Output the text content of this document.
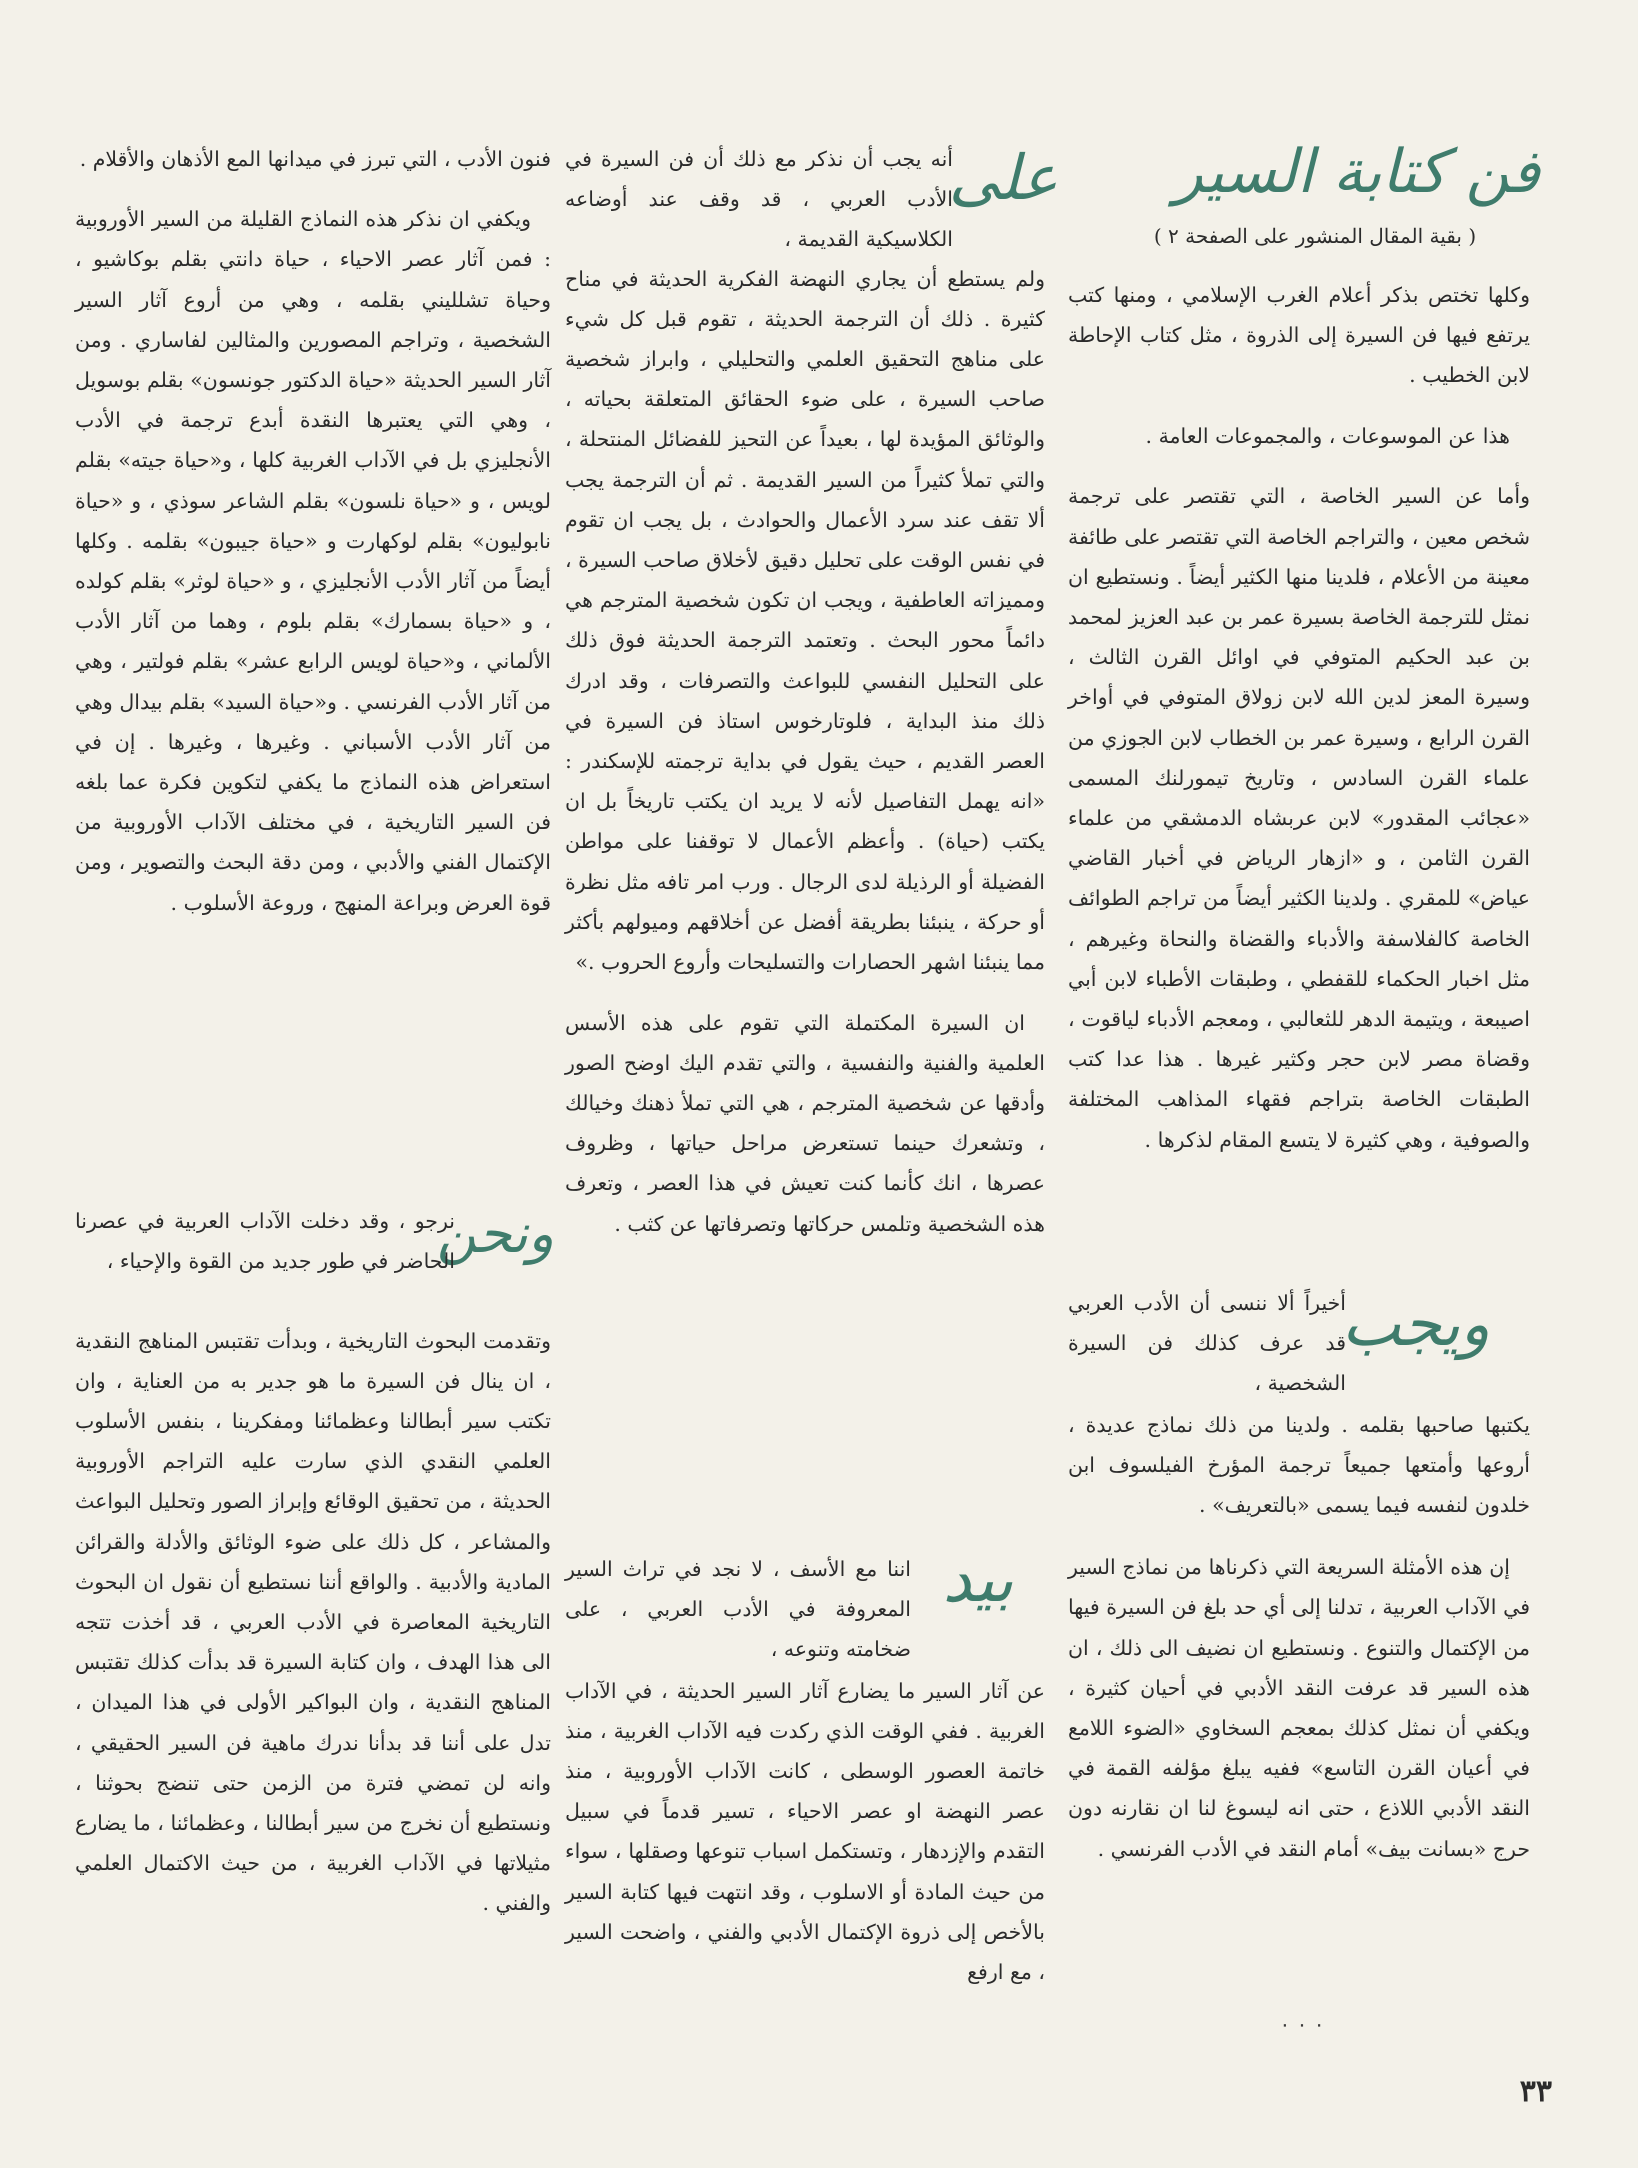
فن كتابة السير
( بقية المقال المنشور على الصفحة ٢ )

وكلها تختص بذكر أعلام الغرب الإسلامي ، ومنها كتب يرتفع فيها فن السيرة إلى الذروة ، مثل كتاب الإحاطة لابن الخطيب .

هذا عن الموسوعات ، والمجموعات العامة .

وأما عن السير الخاصة ، التي تقتصر على ترجمة شخص معين ، والتراجم الخاصة التي تقتصر على طائفة معينة من الأعلام ، فلدينا منها الكثير أيضاً . ونستطيع ان نمثل للترجمة الخاصة بسيرة عمر بن عبد العزيز لمحمد بن عبد الحكيم المتوفي في اوائل القرن الثالث ، وسيرة المعز لدين الله لابن زولاق المتوفي في أواخر القرن الرابع ، وسيرة عمر بن الخطاب لابن الجوزي من علماء القرن السادس ، وتاريخ تيمورلنك المسمى «عجائب المقدور» لابن عربشاه الدمشقي من علماء القرن الثامن ، و «ازهار الرياض في أخبار القاضي عياض» للمقري . ولدينا الكثير أيضاً من تراجم الطوائف الخاصة كالفلاسفة والأدباء والقضاة والنحاة وغيرهم ، مثل اخبار الحكماء للقفطي ، وطبقات الأطباء لابن أبي اصيبعة ، ويتيمة الدهر للثعالبي ، ومعجم الأدباء لياقوت ، وقضاة مصر لابن حجر وكثير غيرها . هذا عدا كتب الطبقات الخاصة بتراجم فقهاء المذاهب المختلفة والصوفية ، وهي كثيرة لا يتسع المقام لذكرها .

ويجب

أخيراً ألا ننسى أن الأدب العربي قد عرف كذلك فن السيرة الشخصية ،

يكتبها صاحبها بقلمه . ولدينا من ذلك نماذج عديدة ، أروعها وأمتعها جميعاً ترجمة المؤرخ الفيلسوف ابن خلدون لنفسه فيما يسمى «بالتعريف» .

إن هذه الأمثلة السريعة التي ذكرناها من نماذج السير في الآداب العربية ، تدلنا إلى أي حد بلغ فن السيرة فيها من الإكتمال والتنوع . ونستطيع ان نضيف الى ذلك ، ان هذه السير قد عرفت النقد الأدبي في أحيان كثيرة ، ويكفي أن نمثل كذلك بمعجم السخاوي «الضوء اللامع في أعيان القرن التاسع» ففيه يبلغ مؤلفه القمة في النقد الأدبي اللاذع ، حتى انه ليسوغ لنا ان نقارنه دون حرج «بسانت بيف» أمام النقد في الأدب الفرنسي .

على

أنه يجب أن نذكر مع ذلك أن فن السيرة في الأدب العربي ، قد وقف عند أوضاعه الكلاسيكية القديمة ،

ولم يستطع أن يجاري النهضة الفكرية الحديثة في مناح كثيرة . ذلك أن الترجمة الحديثة ، تقوم قبل كل شيء على مناهج التحقيق العلمي والتحليلي ، وابراز شخصية صاحب السيرة ، على ضوء الحقائق المتعلقة بحياته ، والوثائق المؤيدة لها ، بعيداً عن التحيز للفضائل المنتحلة ، والتي تملأ كثيراً من السير القديمة . ثم أن الترجمة يجب ألا تقف عند سرد الأعمال والحوادث ، بل يجب ان تقوم في نفس الوقت على تحليل دقيق لأخلاق صاحب السيرة ، ومميزاته العاطفية ، ويجب ان تكون شخصية المترجم هي دائماً محور البحث . وتعتمد الترجمة الحديثة فوق ذلك على التحليل النفسي للبواعث والتصرفات ، وقد ادرك ذلك منذ البداية ، فلوتارخوس استاذ فن السيرة في العصر القديم ، حيث يقول في بداية ترجمته للإسكندر : «انه يهمل التفاصيل لأنه لا يريد ان يكتب تاريخاً بل ان يكتب (حياة) . وأعظم الأعمال لا توقفنا على مواطن الفضيلة أو الرذيلة لدى الرجال . ورب امر تافه مثل نظرة أو حركة ، ينبئنا بطريقة أفضل عن أخلاقهم وميولهم بأكثر مما ينبئنا اشهر الحصارات والتسليحات وأروع الحروب .»

ان السيرة المكتملة التي تقوم على هذه الأسس العلمية والفنية والنفسية ، والتي تقدم اليك اوضح الصور وأدقها عن شخصية المترجم ، هي التي تملأ ذهنك وخيالك ، وتشعرك حينما تستعرض مراحل حياتها ، وظروف عصرها ، انك كأنما كنت تعيش في هذا العصر ، وتعرف هذه الشخصية وتلمس حركاتها وتصرفاتها عن كثب .

بيد

اننا مع الأسف ، لا نجد في تراث السير المعروفة في الأدب العربي ، على ضخامته وتنوعه ،

عن آثار السير ما يضارع آثار السير الحديثة ، في الآداب الغربية . ففي الوقت الذي ركدت فيه الآداب الغربية ، منذ خاتمة العصور الوسطى ، كانت الآداب الأوروبية ، منذ عصر النهضة او عصر الاحياء ، تسير قدماً في سبيل التقدم والإزدهار ، وتستكمل اسباب تنوعها وصقلها ، سواء من حيث المادة أو الاسلوب ، وقد انتهت فيها كتابة السير بالأخص إلى ذروة الإكتمال الأدبي والفني ، واضحت السير ، مع ارفع

فنون الأدب ، التي تبرز في ميدانها المع الأذهان والأقلام .

ويكفي ان نذكر هذه النماذج القليلة من السير الأوروبية : فمن آثار عصر الاحياء ، حياة دانتي بقلم بوكاشيو ، وحياة تشلليني بقلمه ، وهي من أروع آثار السير الشخصية ، وتراجم المصورين والمثالين لفاساري . ومن آثار السير الحديثة «حياة الدكتور جونسون» بقلم بوسويل ، وهي التي يعتبرها النقدة أبدع ترجمة في الأدب الأنجليزي بل في الآداب الغربية كلها ، و«حياة جيته» بقلم لويس ، و «حياة نلسون» بقلم الشاعر سوذي ، و «حياة نابوليون» بقلم لوكهارت و «حياة جيبون» بقلمه . وكلها أيضاً من آثار الأدب الأنجليزي ، و «حياة لوثر» بقلم كولده ، و «حياة بسمارك» بقلم بلوم ، وهما من آثار الأدب الألماني ، و«حياة لويس الرابع عشر» بقلم فولتير ، وهي من آثار الأدب الفرنسي . و«حياة السيد» بقلم بيدال وهي من آثار الأدب الأسباني . وغيرها ، وغيرها . إن في استعراض هذه النماذج ما يكفي لتكوين فكرة عما بلغه فن السير التاريخية ، في مختلف الآداب الأوروبية من الإكتمال الفني والأدبي ، ومن دقة البحث والتصوير ، ومن قوة العرض وبراعة المنهج ، وروعة الأسلوب .

ونحن

نرجو ، وقد دخلت الآداب العربية في عصرنا الحاضر في طور جديد من القوة والإحياء ،

وتقدمت البحوث التاريخية ، وبدأت تقتبس المناهج النقدية ، ان ينال فن السيرة ما هو جدير به من العناية ، وان تكتب سير أبطالنا وعظمائنا ومفكرينا ، بنفس الأسلوب العلمي النقدي الذي سارت عليه التراجم الأوروبية الحديثة ، من تحقيق الوقائع وإبراز الصور وتحليل البواعث والمشاعر ، كل ذلك على ضوء الوثائق والأدلة والقرائن المادية والأدبية . والواقع أننا نستطيع أن نقول ان البحوث التاريخية المعاصرة في الأدب العربي ، قد أخذت تتجه الى هذا الهدف ، وان كتابة السيرة قد بدأت كذلك تقتبس المناهج النقدية ، وان البواكير الأولى في هذا الميدان ، تدل على أننا قد بدأنا ندرك ماهية فن السير الحقيقي ، وانه لن تمضي فترة من الزمن حتى تنضج بحوثنا ، ونستطيع أن نخرج من سير أبطالنا ، وعظمائنا ، ما يضارع مثيلاتها في الآداب الغربية ، من حيث الاكتمال العلمي والفني .

٠ ٠ ٠
٣٣
